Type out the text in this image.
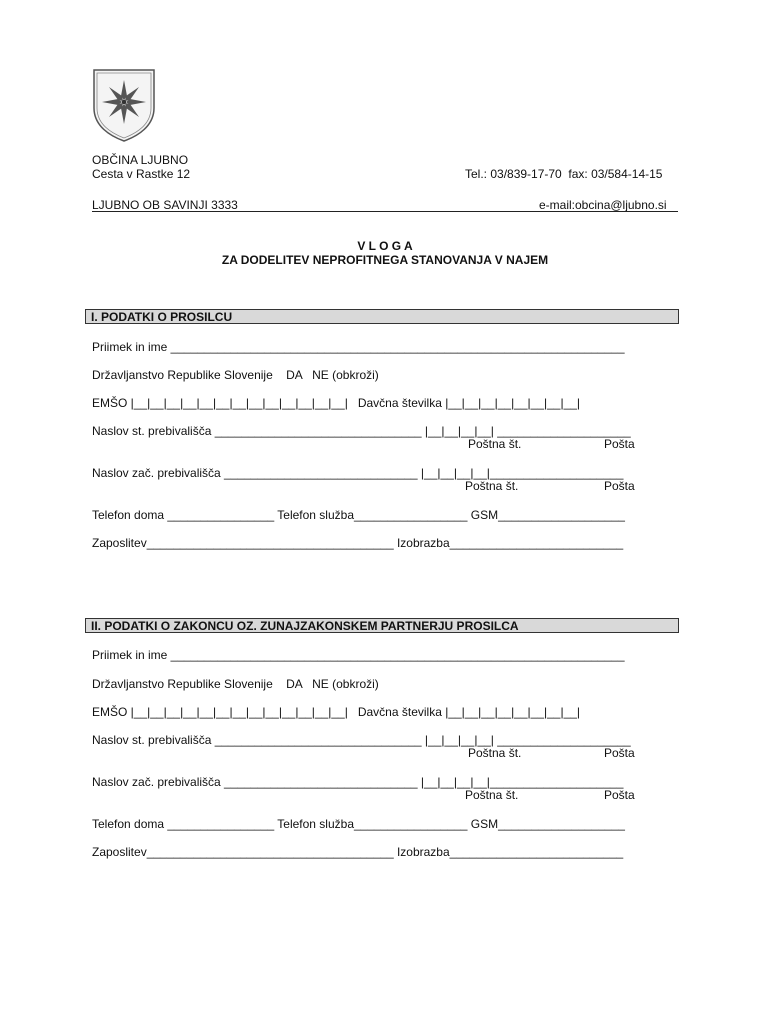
OBČINA LJUBNO
Cesta v Rastke 12	Tel.: 03/839-17-70  fax: 03/584-14-15
LJUBNO OB SAVINJI 3333	e-mail:obcina@ljubno.si
V L O G A
ZA DODELITEV NEPROFITNEGA STANOVANJA V NAJEM
I. PODATKI O PROSILCU
Priimek in ime ____________________________________________________________________
Državljanstvo Republike Slovenije    DA   NE (obkroži)
EMŠO |__|__|__|__|__|__|__|__|__|__|__|__|__|   Davčna številka |__|__|__|__|__|__|__|__|
Naslov st. prebivališča _______________________________ |__|__|__|__| ____________________
Poštna št.	Pošta
Naslov zač. prebivališča _____________________________ |__|__|__|__|____________________
Poštna št.	Pošta
Telefon doma ________________ Telefon služba_________________ GSM___________________
Zaposlitev_____________________________________ Izobrazba__________________________
II. PODATKI O ZAKONCU OZ. ZUNAJZAKONSKEM PARTNERJU PROSILCA
Priimek in ime ____________________________________________________________________
Državljanstvo Republike Slovenije    DA   NE (obkroži)
EMŠO |__|__|__|__|__|__|__|__|__|__|__|__|__|   Davčna številka |__|__|__|__|__|__|__|__|
Naslov st. prebivališča _______________________________ |__|__|__|__| ____________________
Poštna št.	Pošta
Naslov zač. prebivališča _____________________________ |__|__|__|__|____________________
Poštna št.	Pošta
Telefon doma ________________ Telefon služba_________________ GSM___________________
Zaposlitev_____________________________________ Izobrazba__________________________
